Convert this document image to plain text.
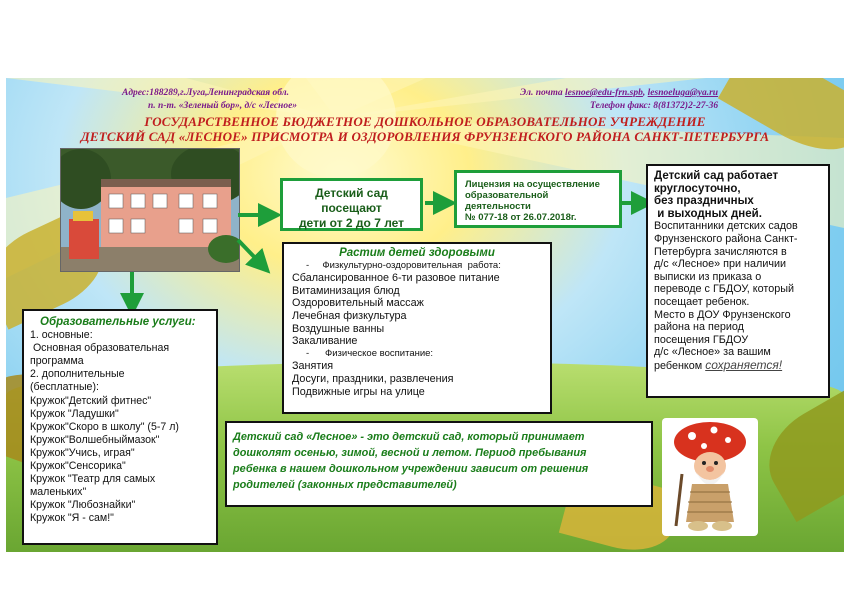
Адрес:188289,г.Луга,Ленинградская обл.
п. п-т. «Зеленый бор», д/с «Лесное»
Эл. почта lesnoe@edu-frn.spb, lesnoeluga@ya.ru
Телефон факс: 8(81372)2-27-36
ГОСУДАРСТВЕННОЕ БЮДЖЕТНОЕ ДОШКОЛЬНОЕ ОБРАЗОВАТЕЛЬНОЕ УЧРЕЖДЕНИЕ
ДЕТСКИЙ САД «ЛЕСНОЕ» ПРИСМОТРА И ОЗДОРОВЛЕНИЯ ФРУНЗЕНСКОГО РАЙОНА САНКТ-ПЕТЕРБУРГА
Детский сад
посещают
дети от 2 до 7 лет
Лицензия на осуществление
образовательной
деятельности
№ 077-18 от 26.07.2018г.
Детский сад работает
круглосуточно,
без праздничных
и выходных дней.
Воспитанники детских садов
Фрунзенского района Санкт-
Петербурга зачисляются в
д/с «Лесное» при наличии
выписки из приказа о
переводе с ГБДОУ, который
посещает ребенок.
Место в ДОУ Фрунзенского
района на период
посещения ГБДОУ
д/с «Лесное» за вашим
ребенком сохраняется!
Растим детей здоровыми
-     Физкультурно-оздоровительная  работа:
Сбалансированное 6-ти разовое питание
Витаминизация блюд
Оздоровительный массаж
Лечебная физкультура
Воздушные ванны
Закаливание
-      Физическое воспитание:
Занятия
Досуги, праздники, развлечения
Подвижные игры на улице
Образовательные услуги:
1. основные:
Основная образовательная
программа
2. дополнительные
(бесплатные):
Кружок"Детский фитнес"
Кружок "Ладушки"
Кружок"Скоро в школу" (5-7 л)
Кружок"Волшебныймазок"
Кружок"Учись, играя"
Кружок"Сенсорика"
Кружок "Театр для самых
маленьких"
Кружок "Любознайки"
Кружок "Я - сам!"
Детский сад «Лесное» - это детский сад, который принимает
дошколят осенью, зимой, весной и летом. Период пребывания
ребенка в нашем дошкольном учреждении зависит от решения
родителей (законных представителей)
